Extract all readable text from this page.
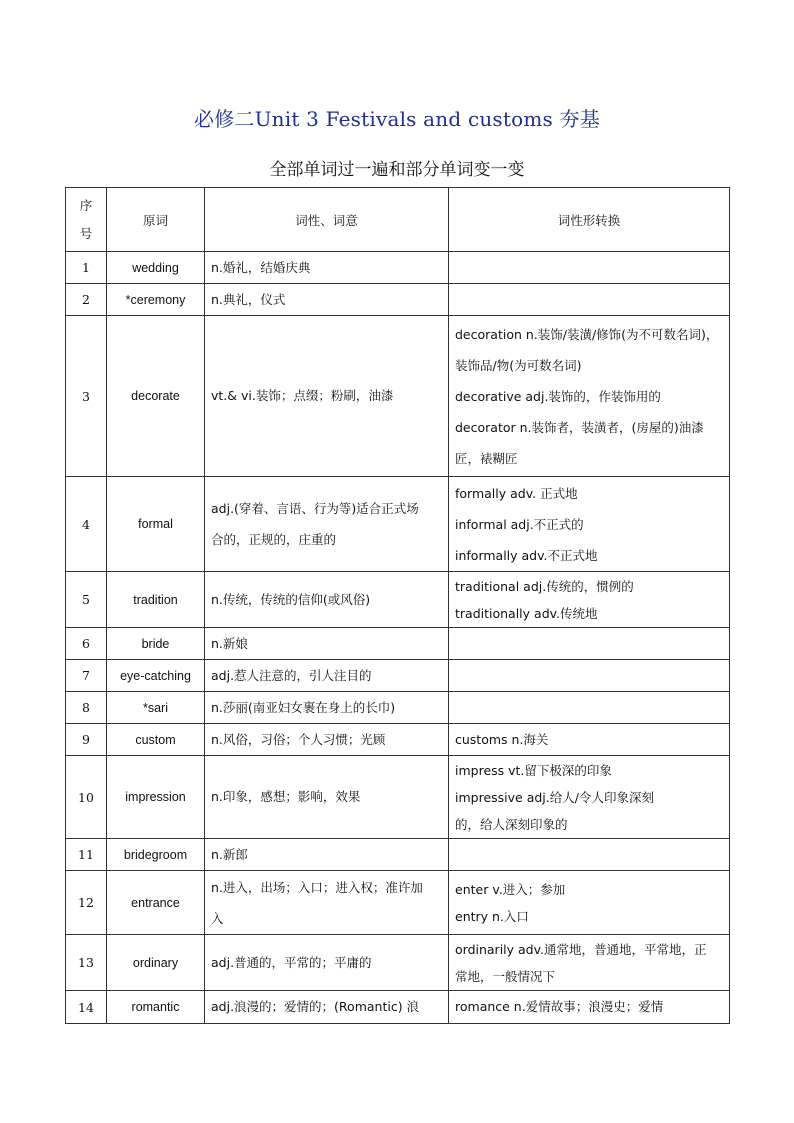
必修二Unit 3 Festivals and customs 夯基
全部单词过一遍和部分单词变一变
序
号	原词	词性、词意	词性形转换
1	wedding	n.婚礼，结婚庆典	

2	*ceremony	n.典礼，仪式	

3	decorate	vt.& vi.装饰；点缀；粉刷，油漆	decoration n.装饰/装潢/修饰(为不可数名词)，
装饰品/物(为可数名词)
decorative adj.装饰的，作装饰用的
decorator n.装饰者，装潢者，(房屋的)油漆
匠，裱糊匠

4	formal	adj.(穿着、言语、行为等)适合正式场
合的，正规的，庄重的	formally adv. 正式地
informal adj.不正式的
informally adv.不正式地

5	tradition	n.传统，传统的信仰(或风俗)	traditional adj.传统的，惯例的
traditionally adv.传统地

6	bride	n.新娘	

7	eye-catching	adj.惹人注意的，引人注目的	

8	*sari	n.莎丽(南亚妇女裹在身上的长巾)	

9	custom	n.风俗，习俗；个人习惯；光顾	customs n.海关

10	impression	n.印象，感想；影响，效果	impress vt.留下极深的印象
impressive adj.给人/令人印象深刻
的，给人深刻印象的

11	bridegroom	n.新郎	

12	entrance	n.进入，出场；入口；进入权；准许加
入	enter v.进入；参加
entry n.入口

13	ordinary	adj.普通的，平常的；平庸的	ordinarily adv.通常地，普通地，平常地，正
常地，一般情况下

14	romantic	adj.浪漫的；爱情的；(Romantic) 浪	romance n.爱情故事；浪漫史；爱情
